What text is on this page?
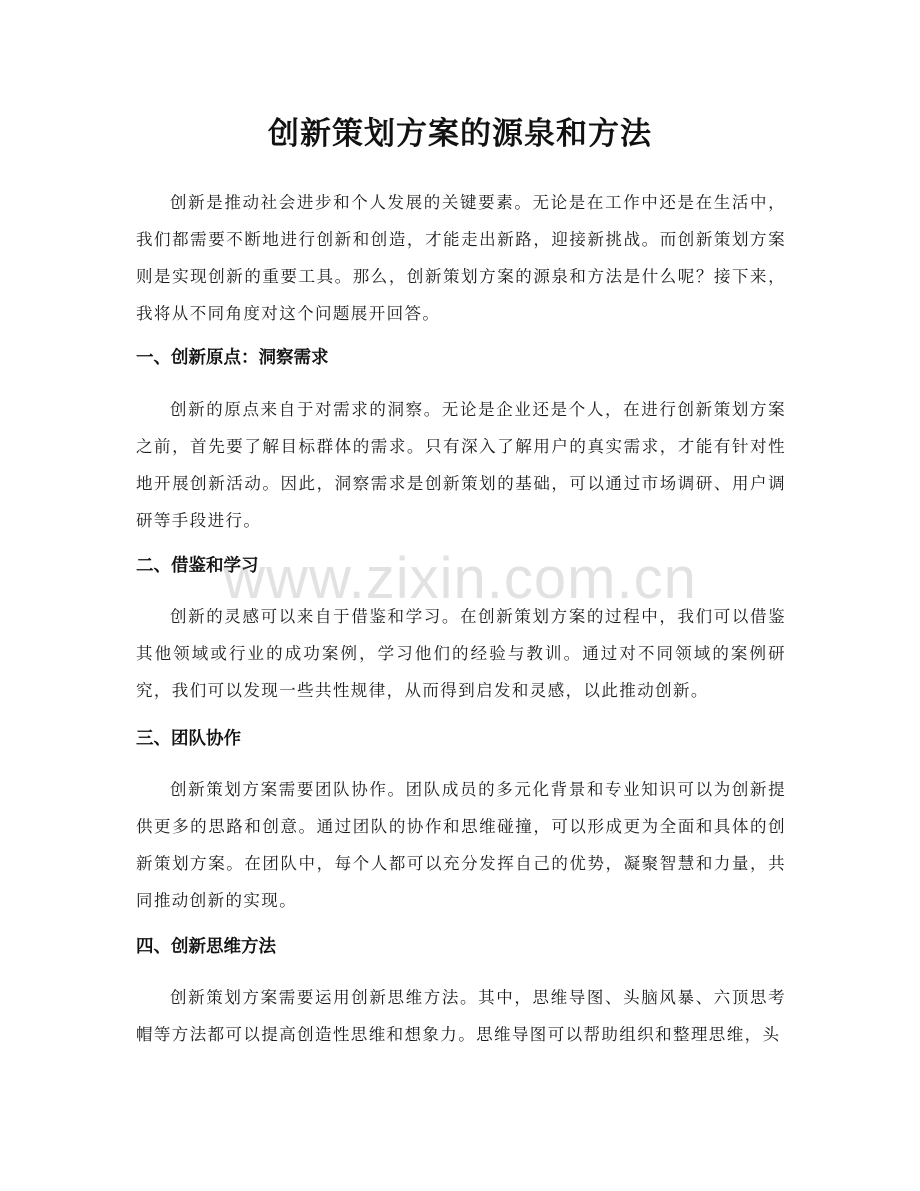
创新策划方案的源泉和方法

创新是推动社会进步和个人发展的关键要素。无论是在工作中还是在生活中，我们都需要不断地进行创新和创造，才能走出新路，迎接新挑战。而创新策划方案则是实现创新的重要工具。那么，创新策划方案的源泉和方法是什么呢？接下来，我将从不同角度对这个问题展开回答。

一、创新原点：洞察需求

创新的原点来自于对需求的洞察。无论是企业还是个人，在进行创新策划方案之前，首先要了解目标群体的需求。只有深入了解用户的真实需求，才能有针对性地开展创新活动。因此，洞察需求是创新策划的基础，可以通过市场调研、用户调研等手段进行。

二、借鉴和学习

创新的灵感可以来自于借鉴和学习。在创新策划方案的过程中，我们可以借鉴其他领域或行业的成功案例，学习他们的经验与教训。通过对不同领域的案例研究，我们可以发现一些共性规律，从而得到启发和灵感，以此推动创新。

三、团队协作

创新策划方案需要团队协作。团队成员的多元化背景和专业知识可以为创新提供更多的思路和创意。通过团队的协作和思维碰撞，可以形成更为全面和具体的创新策划方案。在团队中，每个人都可以充分发挥自己的优势，凝聚智慧和力量，共同推动创新的实现。

四、创新思维方法

创新策划方案需要运用创新思维方法。其中，思维导图、头脑风暴、六顶思考帽等方法都可以提高创造性思维和想象力。思维导图可以帮助组织和整理思维，头

www.zixin.com.cn
